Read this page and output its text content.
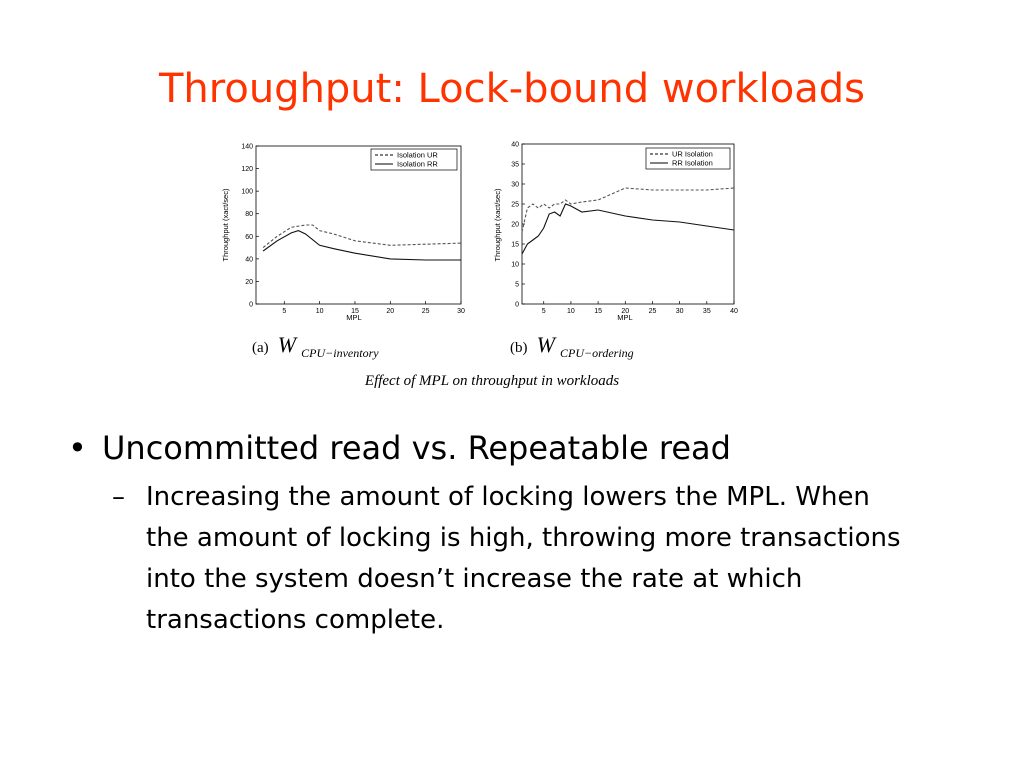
Throughput: Lock-bound workloads
Throughput (xact/sec)
MPL
0
20
40
60
80
100
120
140
5	10	15	20	25	30
Isolation UR
Isolation RR
Throughput (xact/sec)
MPL
0
5
10
15
20
25
30
35
40
5	10	15	20	25	30	35	40
UR Isolation
RR Isolation
(a) W $_{CPU-inventory}$	(b) W $_{CPU-ordering}$
Effect of MPL on throughput in workloads
• Uncommitted read vs. Repeatable read
– Increasing the amount of locking lowers the MPL. When the amount of locking is high, throwing more transactions into the system doesn’t increase the rate at which transactions complete.
